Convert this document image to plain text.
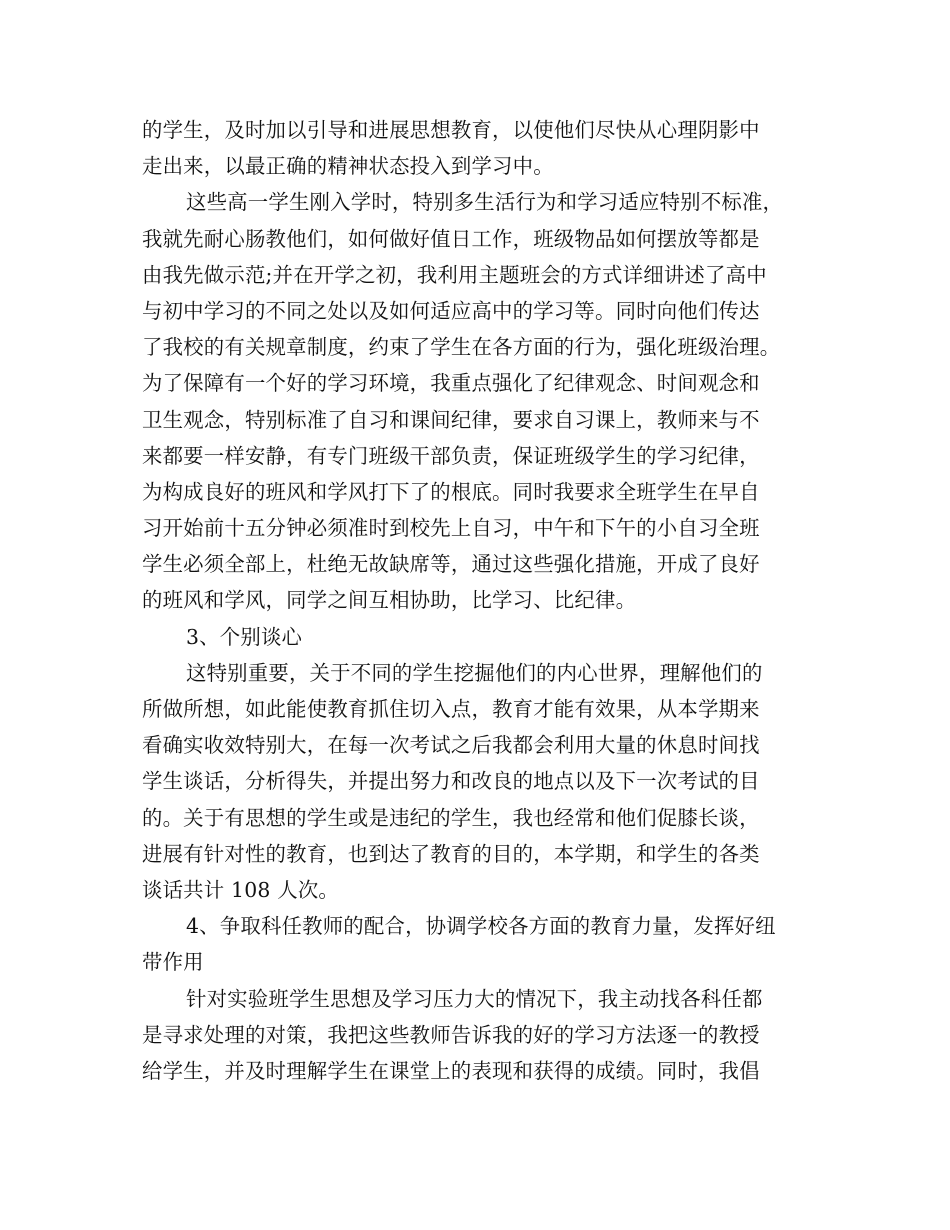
的学生，及时加以引导和进展思想教育，以使他们尽快从心理阴影中
走出来，以最正确的精神状态投入到学习中。
这些高一学生刚入学时，特别多生活行为和学习适应特别不标准，
我就先耐心肠教他们，如何做好值日工作，班级物品如何摆放等都是
由我先做示范;并在开学之初，我利用主题班会的方式详细讲述了高中
与初中学习的不同之处以及如何适应高中的学习等。同时向他们传达
了我校的有关规章制度，约束了学生在各方面的行为，强化班级治理。
为了保障有一个好的学习环境，我重点强化了纪律观念、时间观念和
卫生观念，特别标准了自习和课间纪律，要求自习课上，教师来与不
来都要一样安静，有专门班级干部负责，保证班级学生的学习纪律，
为构成良好的班风和学风打下了的根底。同时我要求全班学生在早自
习开始前十五分钟必须准时到校先上自习，中午和下午的小自习全班
学生必须全部上，杜绝无故缺席等，通过这些强化措施，开成了良好
的班风和学风，同学之间互相协助，比学习、比纪律。
3、个别谈心
这特别重要，关于不同的学生挖掘他们的内心世界，理解他们的
所做所想，如此能使教育抓住切入点，教育才能有效果，从本学期来
看确实收效特别大，在每一次考试之后我都会利用大量的休息时间找
学生谈话，分析得失，并提出努力和改良的地点以及下一次考试的目
的。关于有思想的学生或是违纪的学生，我也经常和他们促膝长谈，
进展有针对性的教育，也到达了教育的目的，本学期，和学生的各类
谈话共计 108 人次。
4、争取科任教师的配合，协调学校各方面的教育力量，发挥好纽
带作用
针对实验班学生思想及学习压力大的情况下，我主动找各科任都
是寻求处理的对策，我把这些教师告诉我的好的学习方法逐一的教授
给学生，并及时理解学生在课堂上的表现和获得的成绩。同时，我倡
